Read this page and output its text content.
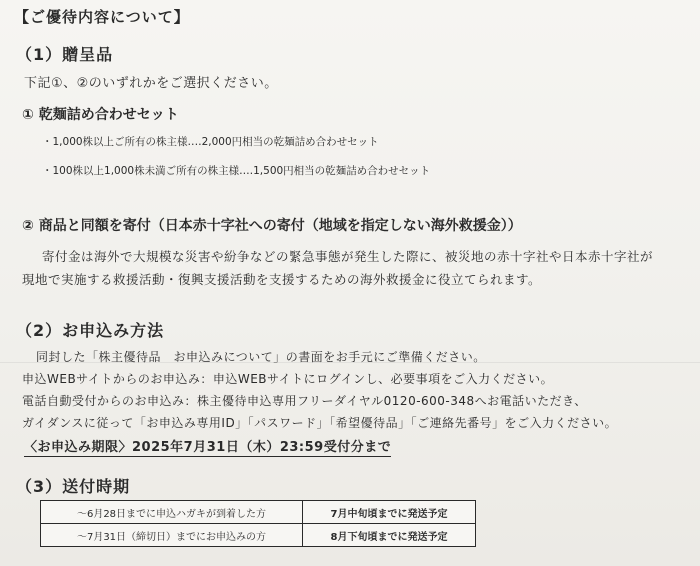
【ご優待内容について】
（1）贈呈品
下記①、②のいずれかをご選択ください。
① 乾麺詰め合わせセット
・1,000株以上ご所有の株主様‥‥2,000円相当の乾麺詰め合わせセット
・100株以上1,000株未満ご所有の株主様‥‥1,500円相当の乾麺詰め合わせセット
② 商品と同額を寄付（日本赤十字社への寄付（地域を指定しない海外救援金））
寄付金は海外で大規模な災害や紛争などの緊急事態が発生した際に、被災地の赤十字社や日本赤十字社が
現地で実施する救援活動・復興支援活動を支援するための海外救援金に役立てられます。
（2）お申込み方法
同封した「株主優待品　お申込みについて」の書面をお手元にご準備ください。
申込WEBサイトからのお申込み：申込WEBサイトにログインし、必要事項をご入力ください。
電話自動受付からのお申込み：株主優待申込専用フリーダイヤル0120-600-348へお電話いただき、
ガイダンスに従って「お申込み専用ID」「パスワード」「希望優待品」「ご連絡先番号」をご入力ください。
〈お申込み期限〉2025年7月31日（木）23:59受付分まで
（3）送付時期
〜6月28日までに申込ハガキが到着した方	7月中旬頃までに発送予定
〜7月31日（締切日）までにお申込みの方	8月下旬頃までに発送予定
